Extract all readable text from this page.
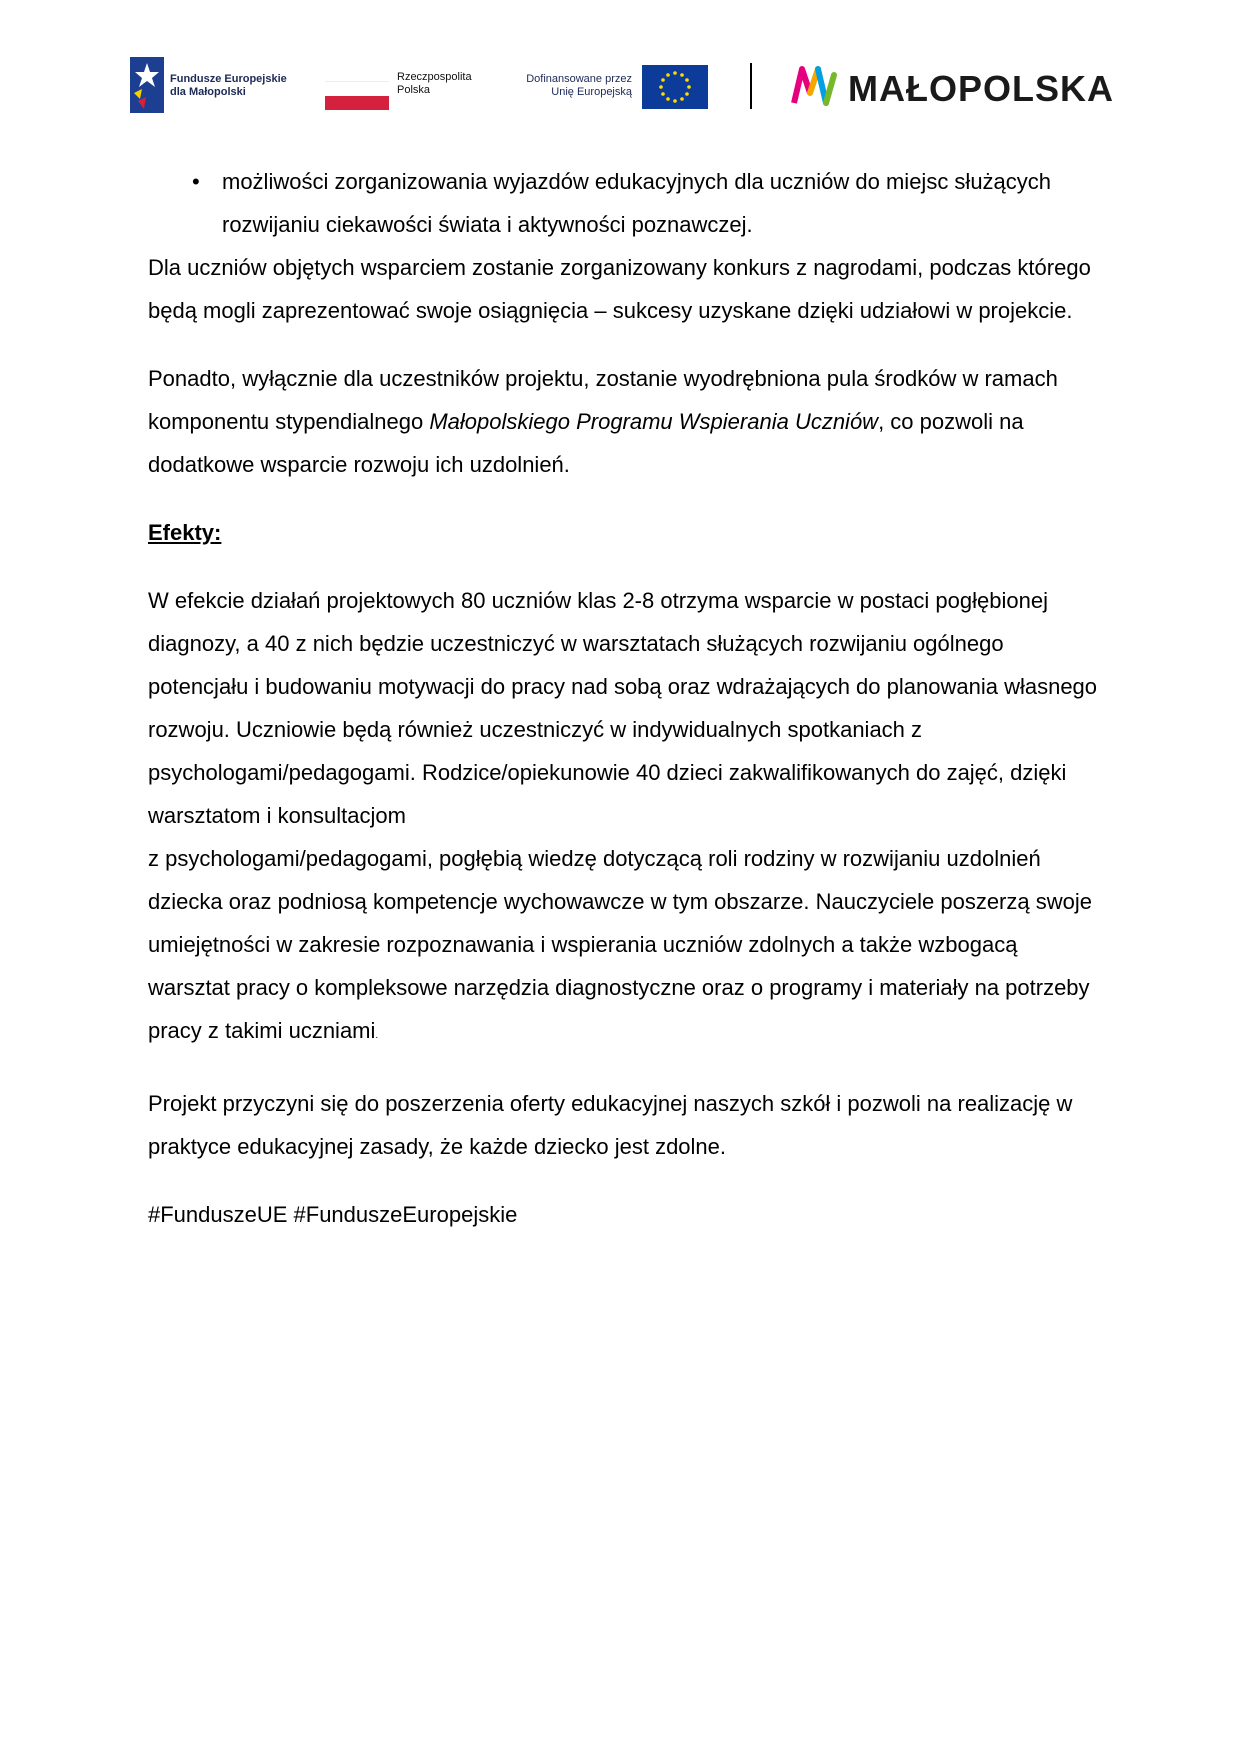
Fundusze Europejskie
dla Małopolski
Rzeczpospolita
Polska
Dofinansowane przez
Unię Europejską	MAŁOPOLSKA

• możliwości zorganizowania wyjazdów edukacyjnych dla uczniów do miejsc służących rozwijaniu ciekawości świata i aktywności poznawczej.

Dla uczniów objętych wsparciem zostanie zorganizowany konkurs z nagrodami, podczas którego będą mogli zaprezentować swoje osiągnięcia – sukcesy uzyskane dzięki udziałowi w projekcie.

Ponadto, wyłącznie dla uczestników projektu, zostanie wyodrębniona pula środków w ramach komponentu stypendialnego Małopolskiego Programu Wspierania Uczniów, co pozwoli na dodatkowe wsparcie rozwoju ich uzdolnień.

Efekty:

W efekcie działań projektowych 80 uczniów klas 2-8 otrzyma wsparcie w postaci pogłębionej diagnozy, a 40 z nich będzie uczestniczyć w warsztatach służących rozwijaniu ogólnego potencjału i budowaniu motywacji do pracy nad sobą oraz wdrażających do planowania własnego rozwoju. Uczniowie będą również uczestniczyć w indywidualnych spotkaniach z psychologami/pedagogami. Rodzice/opiekunowie 40 dzieci zakwalifikowanych do zajęć, dzięki warsztatom i konsultacjom

z psychologami/pedagogami, pogłębią wiedzę dotyczącą roli rodziny w rozwijaniu uzdolnień dziecka oraz podniosą kompetencje wychowawcze w tym obszarze. Nauczyciele poszerzą swoje umiejętności w zakresie rozpoznawania i wspierania uczniów zdolnych a także wzbogacą warsztat pracy o kompleksowe narzędzia diagnostyczne oraz o programy i materiały na potrzeby pracy z takimi uczniami.

Projekt przyczyni się do poszerzenia oferty edukacyjnej naszych szkół i pozwoli na realizację w praktyce edukacyjnej zasady, że każde dziecko jest zdolne.

#FunduszeUE #FunduszeEuropejskie
